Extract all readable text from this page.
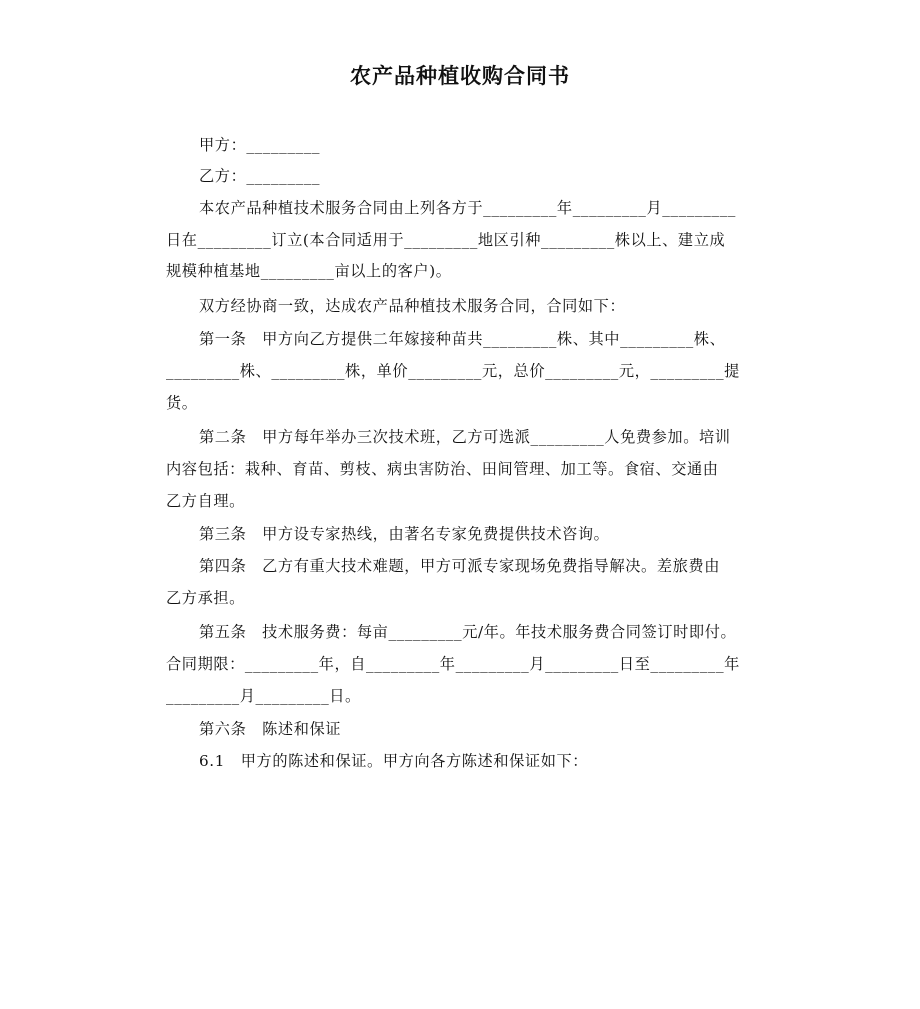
农产品种植收购合同书
甲方：_________
乙方：_________
本农产品种植技术服务合同由上列各方于_________年_________月_________
日在_________订立(本合同适用于_________地区引种_________株以上、建立成
规模种植基地_________亩以上的客户)。
双方经协商一致，达成农产品种植技术服务合同，合同如下：
第一条　甲方向乙方提供二年嫁接种苗共_________株、其中_________株、
_________株、_________株，单价_________元，总价_________元，_________提
货。
第二条　甲方每年举办三次技术班，乙方可选派_________人免费参加。培训
内容包括：栽种、育苗、剪枝、病虫害防治、田间管理、加工等。食宿、交通由
乙方自理。
第三条　甲方设专家热线，由著名专家免费提供技术咨询。
第四条　乙方有重大技术难题，甲方可派专家现场免费指导解决。差旅费由
乙方承担。
第五条　技术服务费：每亩_________元/年。年技术服务费合同签订时即付。
合同期限：_________年，自_________年_________月_________日至_________年
_________月_________日。
第六条　陈述和保证
6.1　甲方的陈述和保证。甲方向各方陈述和保证如下：
